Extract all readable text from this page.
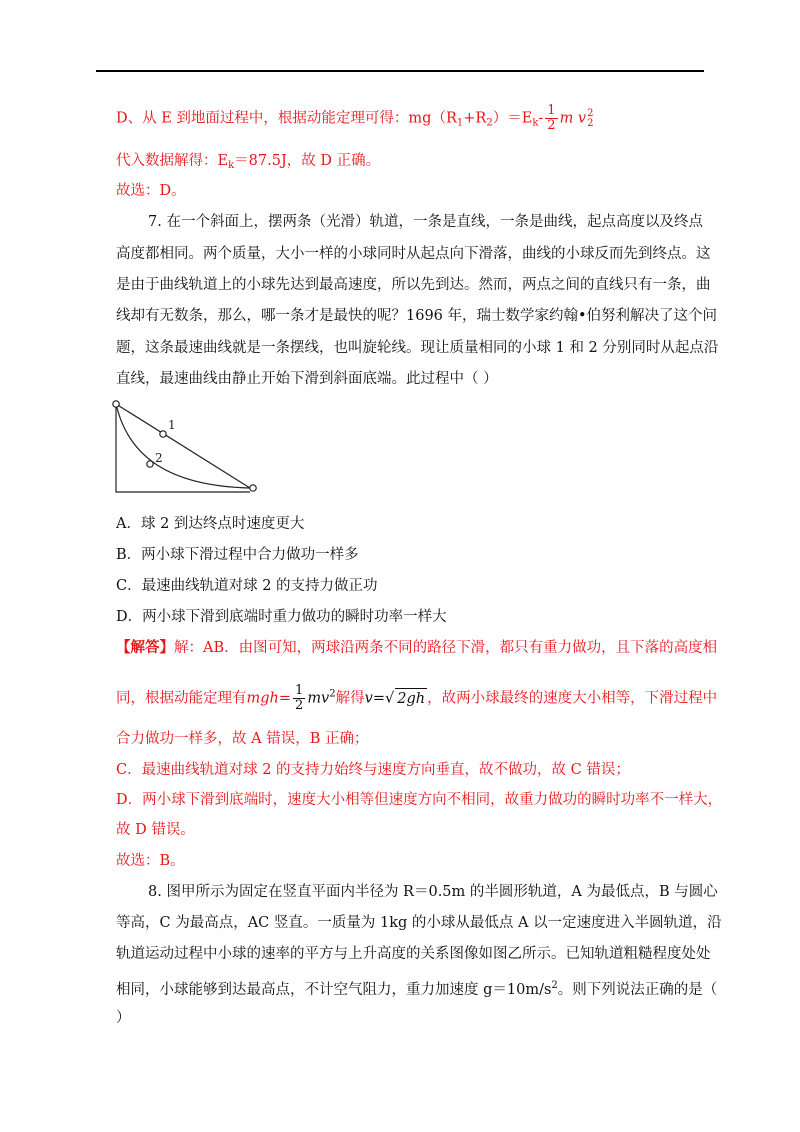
D、从 E 到地面过程中，根据动能定理可得：$mg(R_1+R_2)=E_k- \frac{1}{2}$ m v 2
2
代入数据解得：$E_k=87.5J$，故 D 正确。
故选：D。
7. 在一个斜面上，摆两条（光滑）轨道，一条是直线，一条是曲线，起点高度以及终点
高度都相同。两个质量，大小一样的小球同时从起点向下滑落，曲线的小球反而先到终点。这
是由于曲线轨道上的小球先达到最高速度，所以先到达。然而，两点之间的直线只有一条，曲
线却有无数条，那么，哪一条才是最快的呢？1696 年，瑞士数学家约翰•伯努利解决了这个问
题，这条最速曲线就是一条摆线，也叫旋轮线。现让质量相同的小球 1 和 2 分别同时从起点沿
直线，最速曲线由静止开始下滑到斜面底端。此过程中（ ）
1
2
A．球 2 到达终点时速度更大
B．两小球下滑过程中合力做功一样多
C．最速曲线轨道对球 2 的支持力做正功
D．两小球下滑到底端时重力做功的瞬时功率一样大
【解答】解：AB．由图可知，两球沿两条不同的路径下滑，都只有重力做功，且下落的高度相
同，根据动能定理有$mgh= \frac{1}{2} mv^2$解得v=√ 2gh ，故两小球最终的速度大小相等，下滑过程中
合力做功一样多，故 A 错误，B 正确；
C．最速曲线轨道对球 2 的支持力始终与速度方向垂直，故不做功，故 C 错误；
D．两小球下滑到底端时，速度大小相等但速度方向不相同，故重力做功的瞬时功率不一样大，
故 D 错误。
故选：B。
8. 图甲所示为固定在竖直平面内半径为 R＝0.5m 的半圆形轨道，A 为最低点，B 与圆心
等高，C 为最高点，AC 竖直。一质量为 1kg 的小球从最低点 A 以一定速度进入半圆轨道，沿
轨道运动过程中小球的速率的平方与上升高度的关系图像如图乙所示。已知轨道粗糙程度处处
相同，小球能够到达最高点，不计空气阻力，重力加速度 $g=10m/s^2$。则下列说法正确的是（
）
